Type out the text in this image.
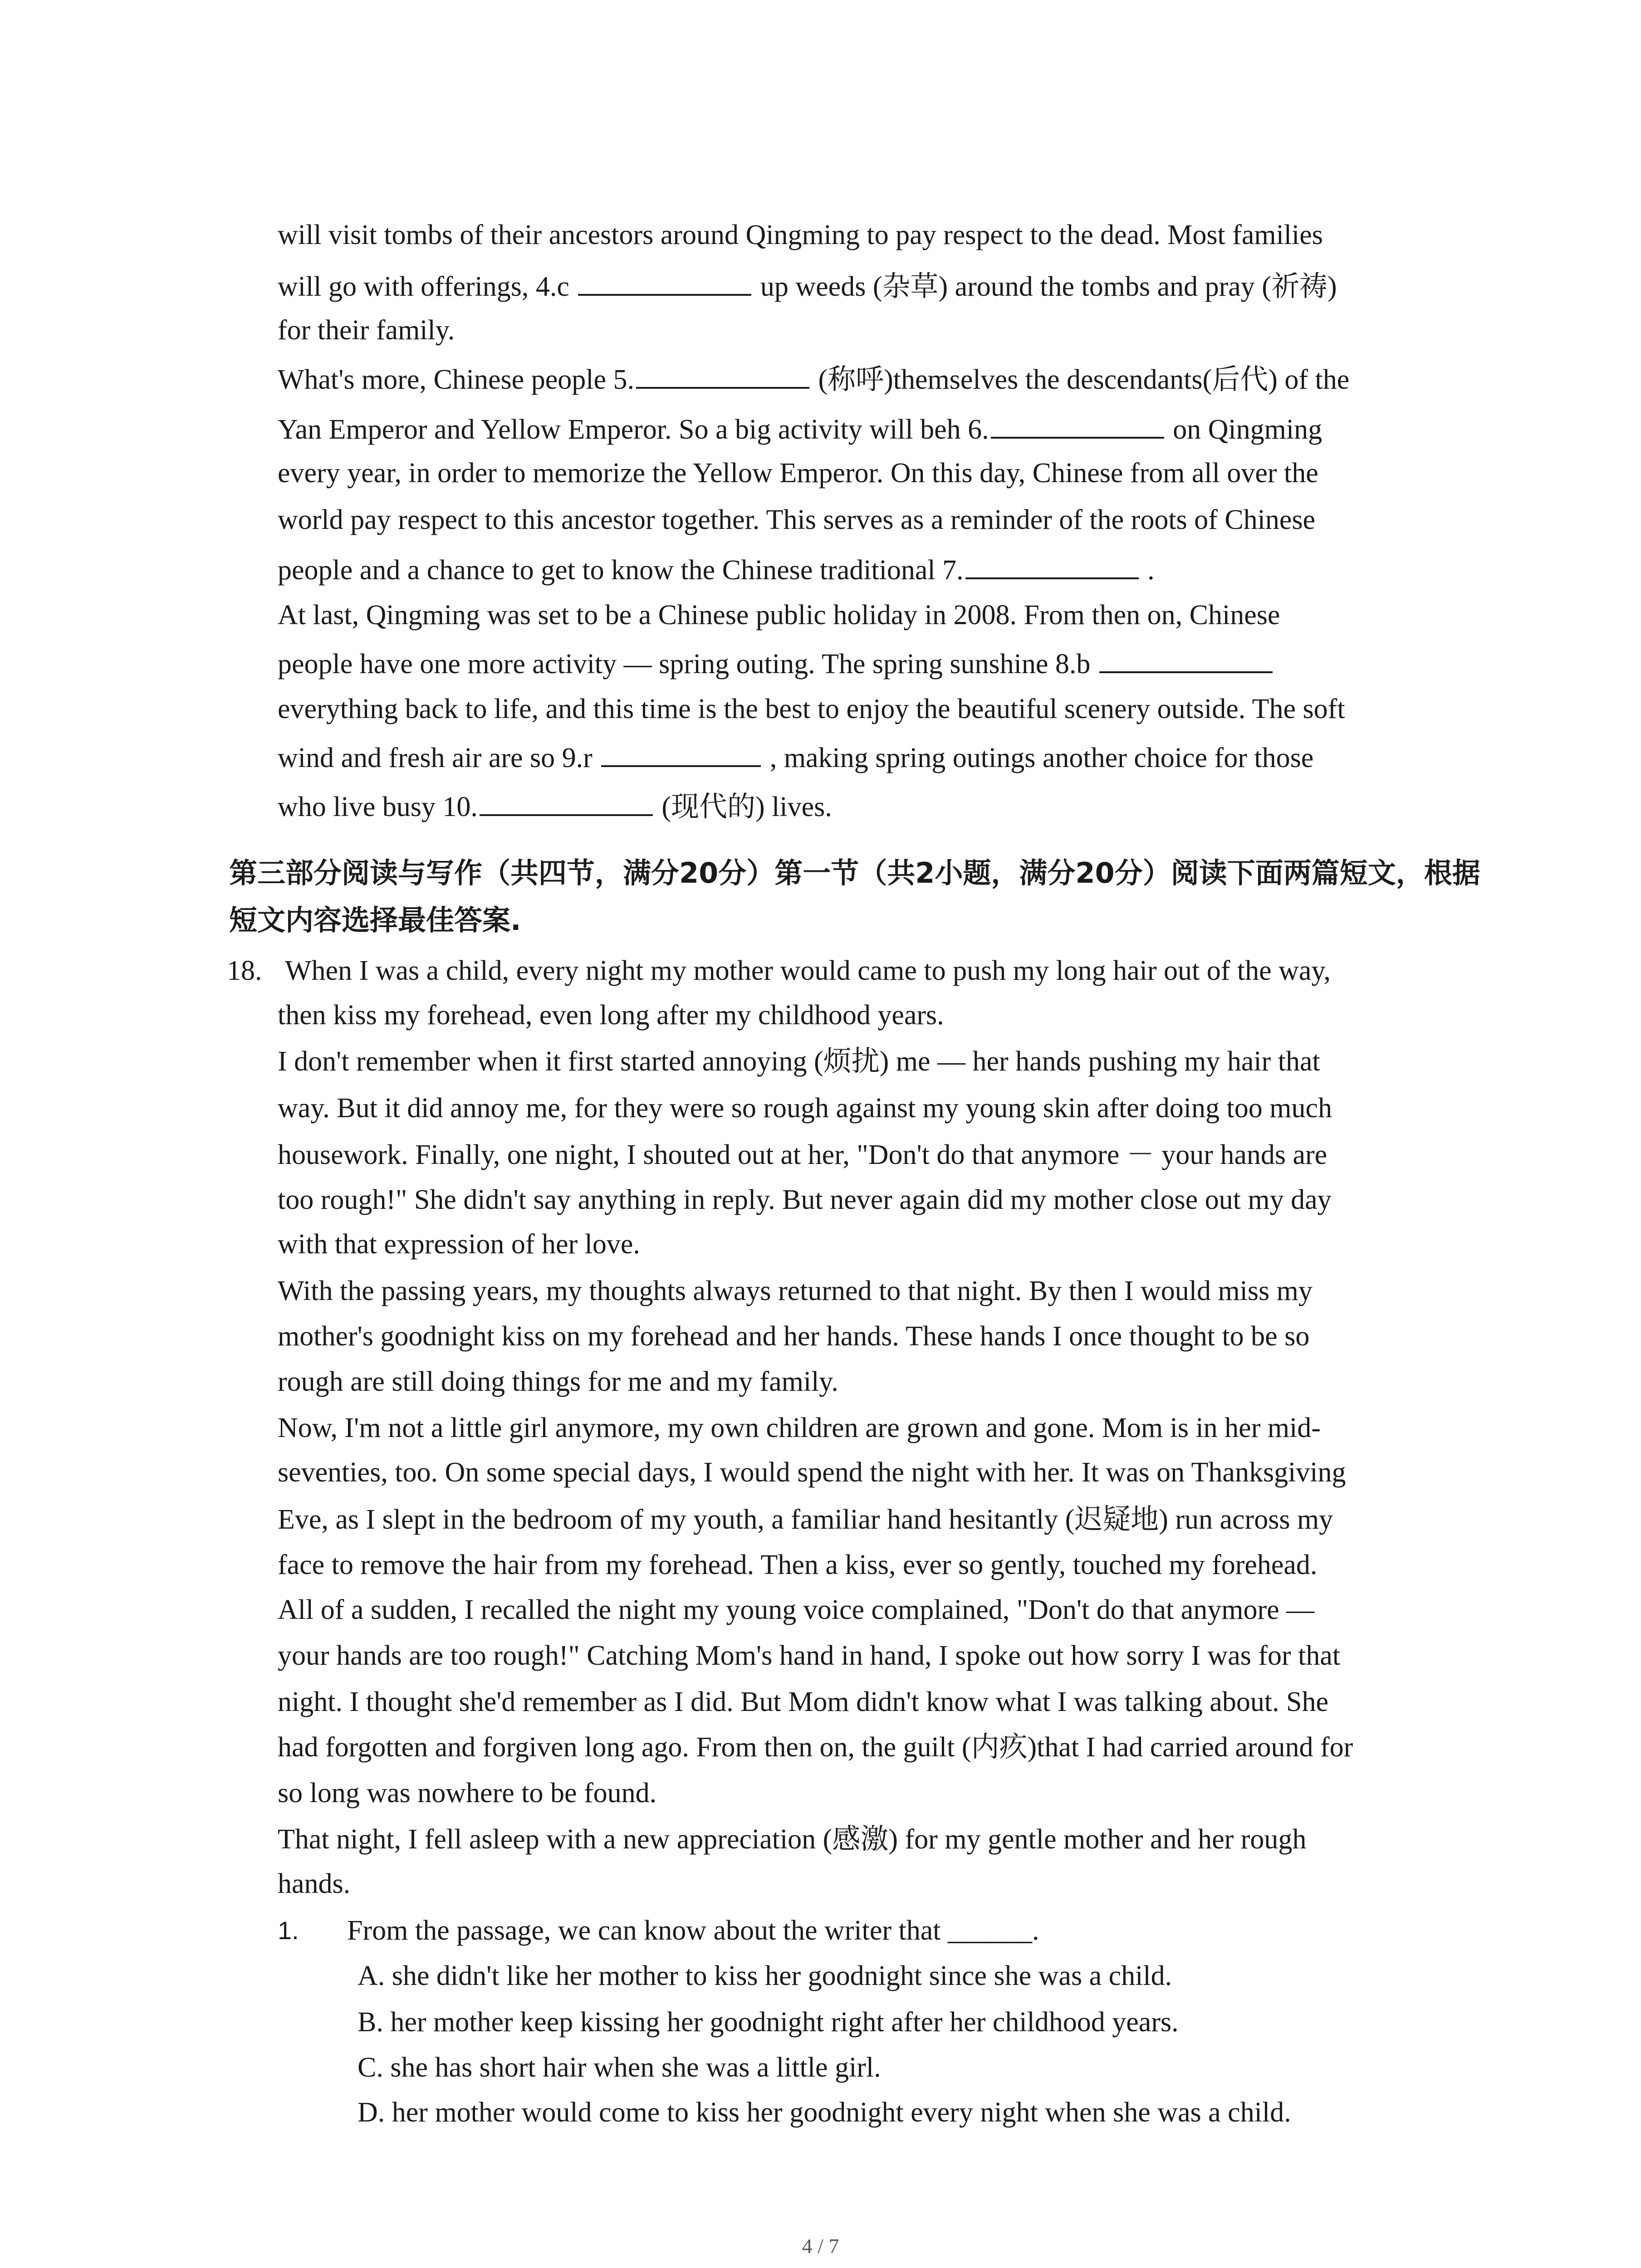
will visit tombs of their ancestors around Qingming to pay respect to the dead. Most families
will go with offerings, 4.c	up weeds (杂草) around the tombs and pray (祈祷)
for their family.
What's more, Chinese people 5.	(称呼)themselves the descendants(后代) of the
Yan Emperor and Yellow Emperor. So a big activity will beh 6.	on Qingming
every year, in order to memorize the Yellow Emperor. On this day, Chinese from all over the
world pay respect to this ancestor together. This serves as a reminder of the roots of Chinese
people and a chance to get to know the Chinese traditional 7.	.
At last, Qingming was set to be a Chinese public holiday in 2008. From then on, Chinese
people have one more activity — spring outing. The spring sunshine 8.b
everything back to life, and this time is the best to enjoy the beautiful scenery outside. The soft
wind and fresh air are so 9.r	, making spring outings another choice for those
who live busy 10.	(现代的) lives.
第三部分阅读与写作（共四节，满分20分）第一节（共2小题，满分20分）阅读下面两篇短文，根据短文内容选择最佳答案.
18. When I was a child, every night my mother would came to push my long hair out of the way,
then kiss my forehead, even long after my childhood years.
I don't remember when it first started annoying (烦扰) me — her hands pushing my hair that
way. But it did annoy me, for they were so rough against my young skin after doing too much
housework. Finally, one night, I shouted out at her, "Don't do that anymore － your hands are
too rough!" She didn't say anything in reply. But never again did my mother close out my day
with that expression of her love.
With the passing years, my thoughts always returned to that night. By then I would miss my
mother's goodnight kiss on my forehead and her hands. These hands I once thought to be so
rough are still doing things for me and my family.
Now, I'm not a little girl anymore, my own children are grown and gone. Mom is in her mid-
seventies, too. On some special days, I would spend the night with her. It was on Thanksgiving
Eve, as I slept in the bedroom of my youth, a familiar hand hesitantly (迟疑地) run across my
face to remove the hair from my forehead. Then a kiss, ever so gently, touched my forehead.
All of a sudden, I recalled the night my young voice complained, "Don't do that anymore —
your hands are too rough!" Catching Mom's hand in hand, I spoke out how sorry I was for that
night. I thought she'd remember as I did. But Mom didn't know what I was talking about. She
had forgotten and forgiven long ago. From then on, the guilt (内疚)that I had carried around for
so long was nowhere to be found.
That night, I fell asleep with a new appreciation (感激) for my gentle mother and her rough
hands.
1. From the passage, we can know about the writer that ______.
A. she didn't like her mother to kiss her goodnight since she was a child.
B. her mother keep kissing her goodnight right after her childhood years.
C. she has short hair when she was a little girl.
D. her mother would come to kiss her goodnight every night when she was a child.
4 / 7
